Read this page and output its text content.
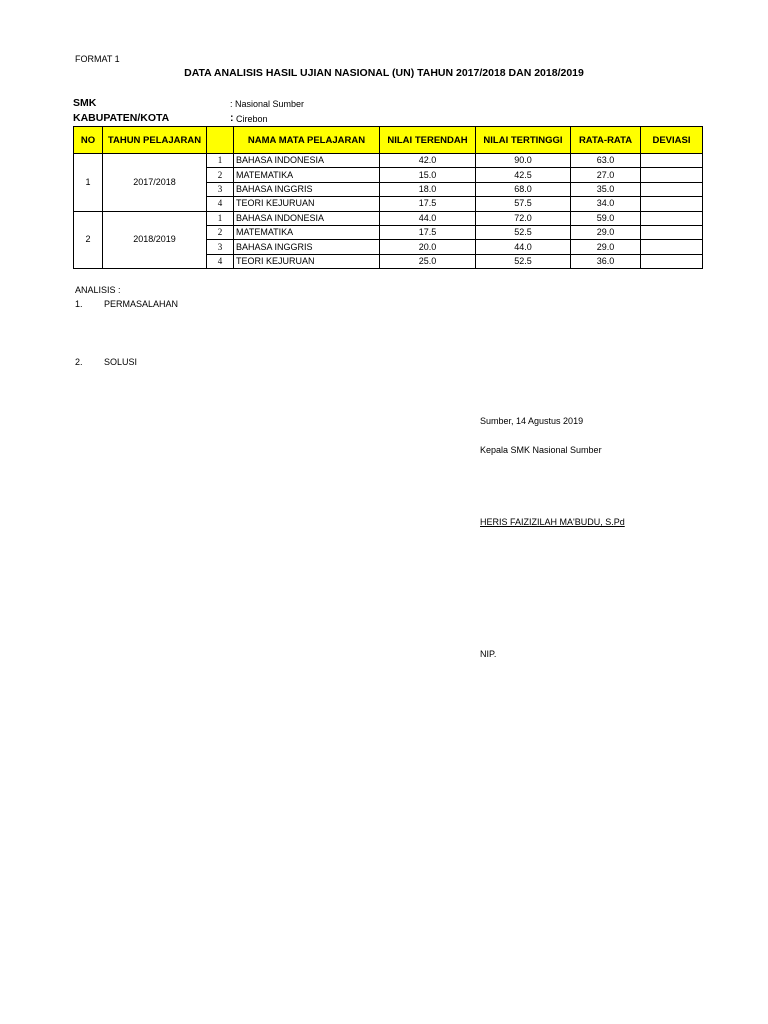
FORMAT 1
DATA ANALISIS HASIL UJIAN NASIONAL (UN) TAHUN 2017/2018 DAN 2018/2019
SMK	: Nasional Sumber
KABUPATEN/KOTA	: Cirebon
NO	TAHUN PELAJARAN		NAMA MATA PELAJARAN	NILAI TERENDAH	NILAI TERTINGGI	RATA-RATA	DEVIASI
1	2017/2018	1	BAHASA INDONESIA	42.0	90.0	63.0	
		2	MATEMATIKA	15.0	42.5	27.0	
		3	BAHASA INGGRIS	18.0	68.0	35.0	
		4	TEORI KEJURUAN	17.5	57.5	34.0	
2	2018/2019	1	BAHASA INDONESIA	44.0	72.0	59.0	
		2	MATEMATIKA	17.5	52.5	29.0	
		3	BAHASA INGGRIS	20.0	44.0	29.0	
		4	TEORI KEJURUAN	25.0	52.5	36.0	
ANALISIS :
1. PERMASALAHAN
2. SOLUSI
Sumber, 14 Agustus 2019
Kepala SMK Nasional Sumber
HERIS FAIZIZILAH MA'BUDU, S.Pd
NIP.
